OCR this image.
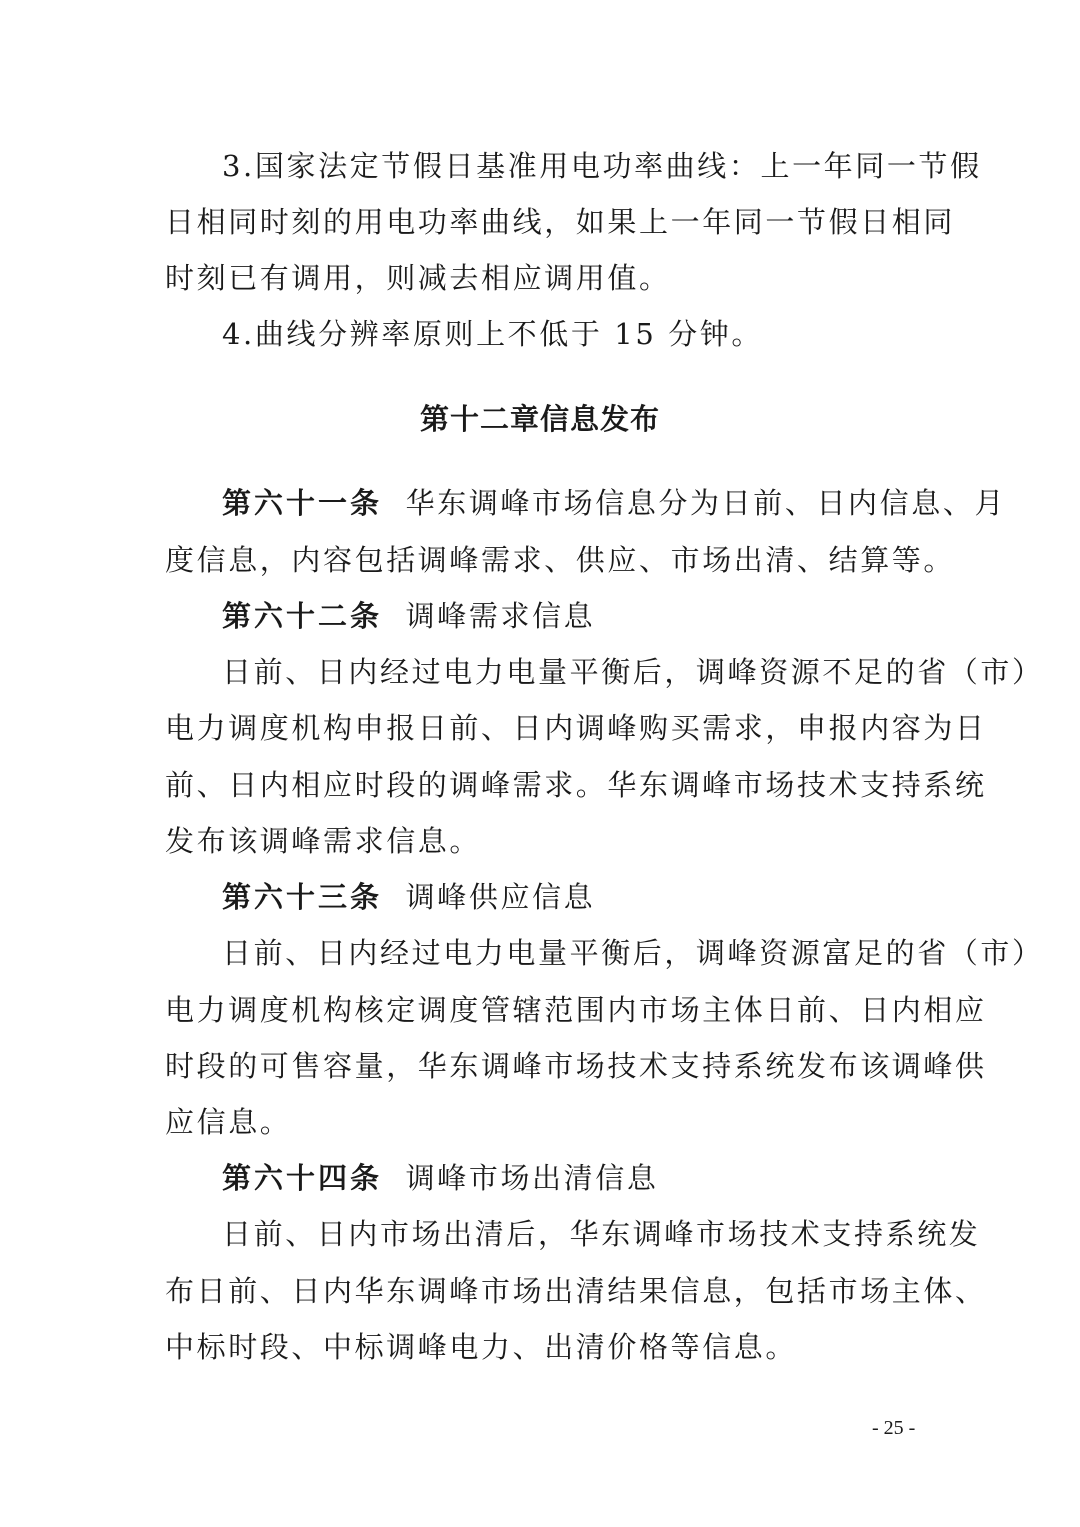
3.国家法定节假日基准用电功率曲线：上一年同一节假
日相同时刻的用电功率曲线，如果上一年同一节假日相同
时刻已有调用，则减去相应调用值。
4.曲线分辨率原则上不低于 15 分钟。
第十二章信息发布
第六十一条 华东调峰市场信息分为日前、日内信息、月
度信息，内容包括调峰需求、供应、市场出清、结算等。
第六十二条 调峰需求信息
日前、日内经过电力电量平衡后，调峰资源不足的省（市）
电力调度机构申报日前、日内调峰购买需求，申报内容为日
前、日内相应时段的调峰需求。华东调峰市场技术支持系统
发布该调峰需求信息。
第六十三条 调峰供应信息
日前、日内经过电力电量平衡后，调峰资源富足的省（市）
电力调度机构核定调度管辖范围内市场主体日前、日内相应
时段的可售容量，华东调峰市场技术支持系统发布该调峰供
应信息。
第六十四条 调峰市场出清信息
日前、日内市场出清后，华东调峰市场技术支持系统发
布日前、日内华东调峰市场出清结果信息，包括市场主体、
中标时段、中标调峰电力、出清价格等信息。
- 25 -
